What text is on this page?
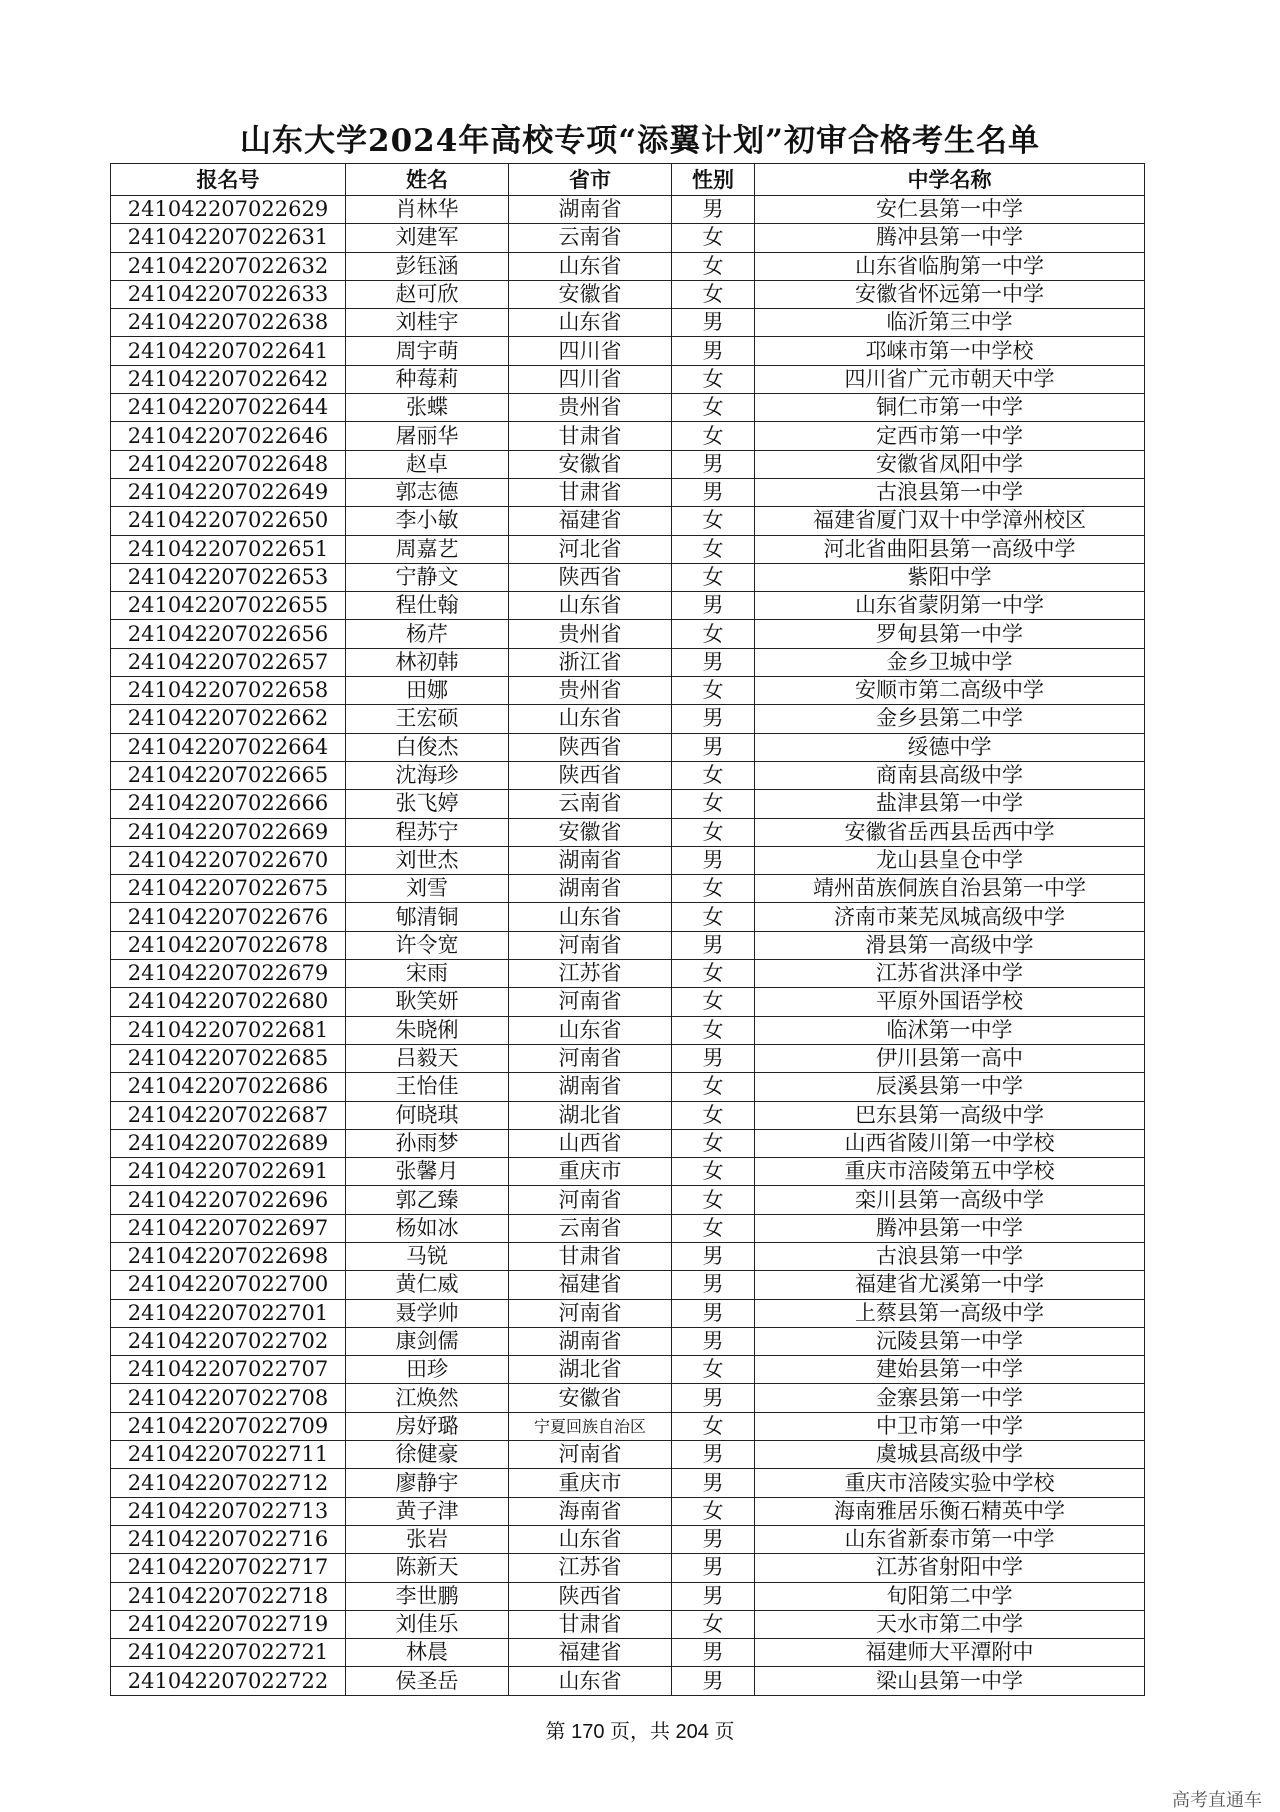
山东大学2024年高校专项“添翼计划”初审合格考生名单
报名号	姓名	省市	性别	中学名称
241042207022629	肖林华	湖南省	男	安仁县第一中学
241042207022631	刘建军	云南省	女	腾冲县第一中学
241042207022632	彭钰涵	山东省	女	山东省临朐第一中学
241042207022633	赵可欣	安徽省	女	安徽省怀远第一中学
241042207022638	刘桂宇	山东省	男	临沂第三中学
241042207022641	周宇萌	四川省	男	邛崃市第一中学校
241042207022642	种莓莉	四川省	女	四川省广元市朝天中学
241042207022644	张蝶	贵州省	女	铜仁市第一中学
241042207022646	屠丽华	甘肃省	女	定西市第一中学
241042207022648	赵卓	安徽省	男	安徽省凤阳中学
241042207022649	郭志德	甘肃省	男	古浪县第一中学
241042207022650	李小敏	福建省	女	福建省厦门双十中学漳州校区
241042207022651	周嘉艺	河北省	女	河北省曲阳县第一高级中学
241042207022653	宁静文	陕西省	女	紫阳中学
241042207022655	程仕翰	山东省	男	山东省蒙阴第一中学
241042207022656	杨芹	贵州省	女	罗甸县第一中学
241042207022657	林初韩	浙江省	男	金乡卫城中学
241042207022658	田娜	贵州省	女	安顺市第二高级中学
241042207022662	王宏硕	山东省	男	金乡县第二中学
241042207022664	白俊杰	陕西省	男	绥德中学
241042207022665	沈海珍	陕西省	女	商南县高级中学
241042207022666	张飞婷	云南省	女	盐津县第一中学
241042207022669	程苏宁	安徽省	女	安徽省岳西县岳西中学
241042207022670	刘世杰	湖南省	男	龙山县皇仓中学
241042207022675	刘雪	湖南省	女	靖州苗族侗族自治县第一中学
241042207022676	郇清铜	山东省	女	济南市莱芜凤城高级中学
241042207022678	许令宽	河南省	男	滑县第一高级中学
241042207022679	宋雨	江苏省	女	江苏省洪泽中学
241042207022680	耿笑妍	河南省	女	平原外国语学校
241042207022681	朱晓俐	山东省	女	临沭第一中学
241042207022685	吕毅天	河南省	男	伊川县第一高中
241042207022686	王怡佳	湖南省	女	辰溪县第一中学
241042207022687	何晓琪	湖北省	女	巴东县第一高级中学
241042207022689	孙雨梦	山西省	女	山西省陵川第一中学校
241042207022691	张馨月	重庆市	女	重庆市涪陵第五中学校
241042207022696	郭乙臻	河南省	女	栾川县第一高级中学
241042207022697	杨如冰	云南省	女	腾冲县第一中学
241042207022698	马锐	甘肃省	男	古浪县第一中学
241042207022700	黄仁威	福建省	男	福建省尤溪第一中学
241042207022701	聂学帅	河南省	男	上蔡县第一高级中学
241042207022702	康剑儒	湖南省	男	沅陵县第一中学
241042207022707	田珍	湖北省	女	建始县第一中学
241042207022708	江焕然	安徽省	男	金寨县第一中学
241042207022709	房妤璐	宁夏回族自治区	女	中卫市第一中学
241042207022711	徐健豪	河南省	男	虞城县高级中学
241042207022712	廖静宇	重庆市	男	重庆市涪陵实验中学校
241042207022713	黄子津	海南省	女	海南雅居乐衡石精英中学
241042207022716	张岩	山东省	男	山东省新泰市第一中学
241042207022717	陈新天	江苏省	男	江苏省射阳中学
241042207022718	李世鹏	陕西省	男	旬阳第二中学
241042207022719	刘佳乐	甘肃省	女	天水市第二中学
241042207022721	林晨	福建省	男	福建师大平潭附中
241042207022722	侯圣岳	山东省	男	梁山县第一中学
第 170 页，共 204 页
高考直通车
